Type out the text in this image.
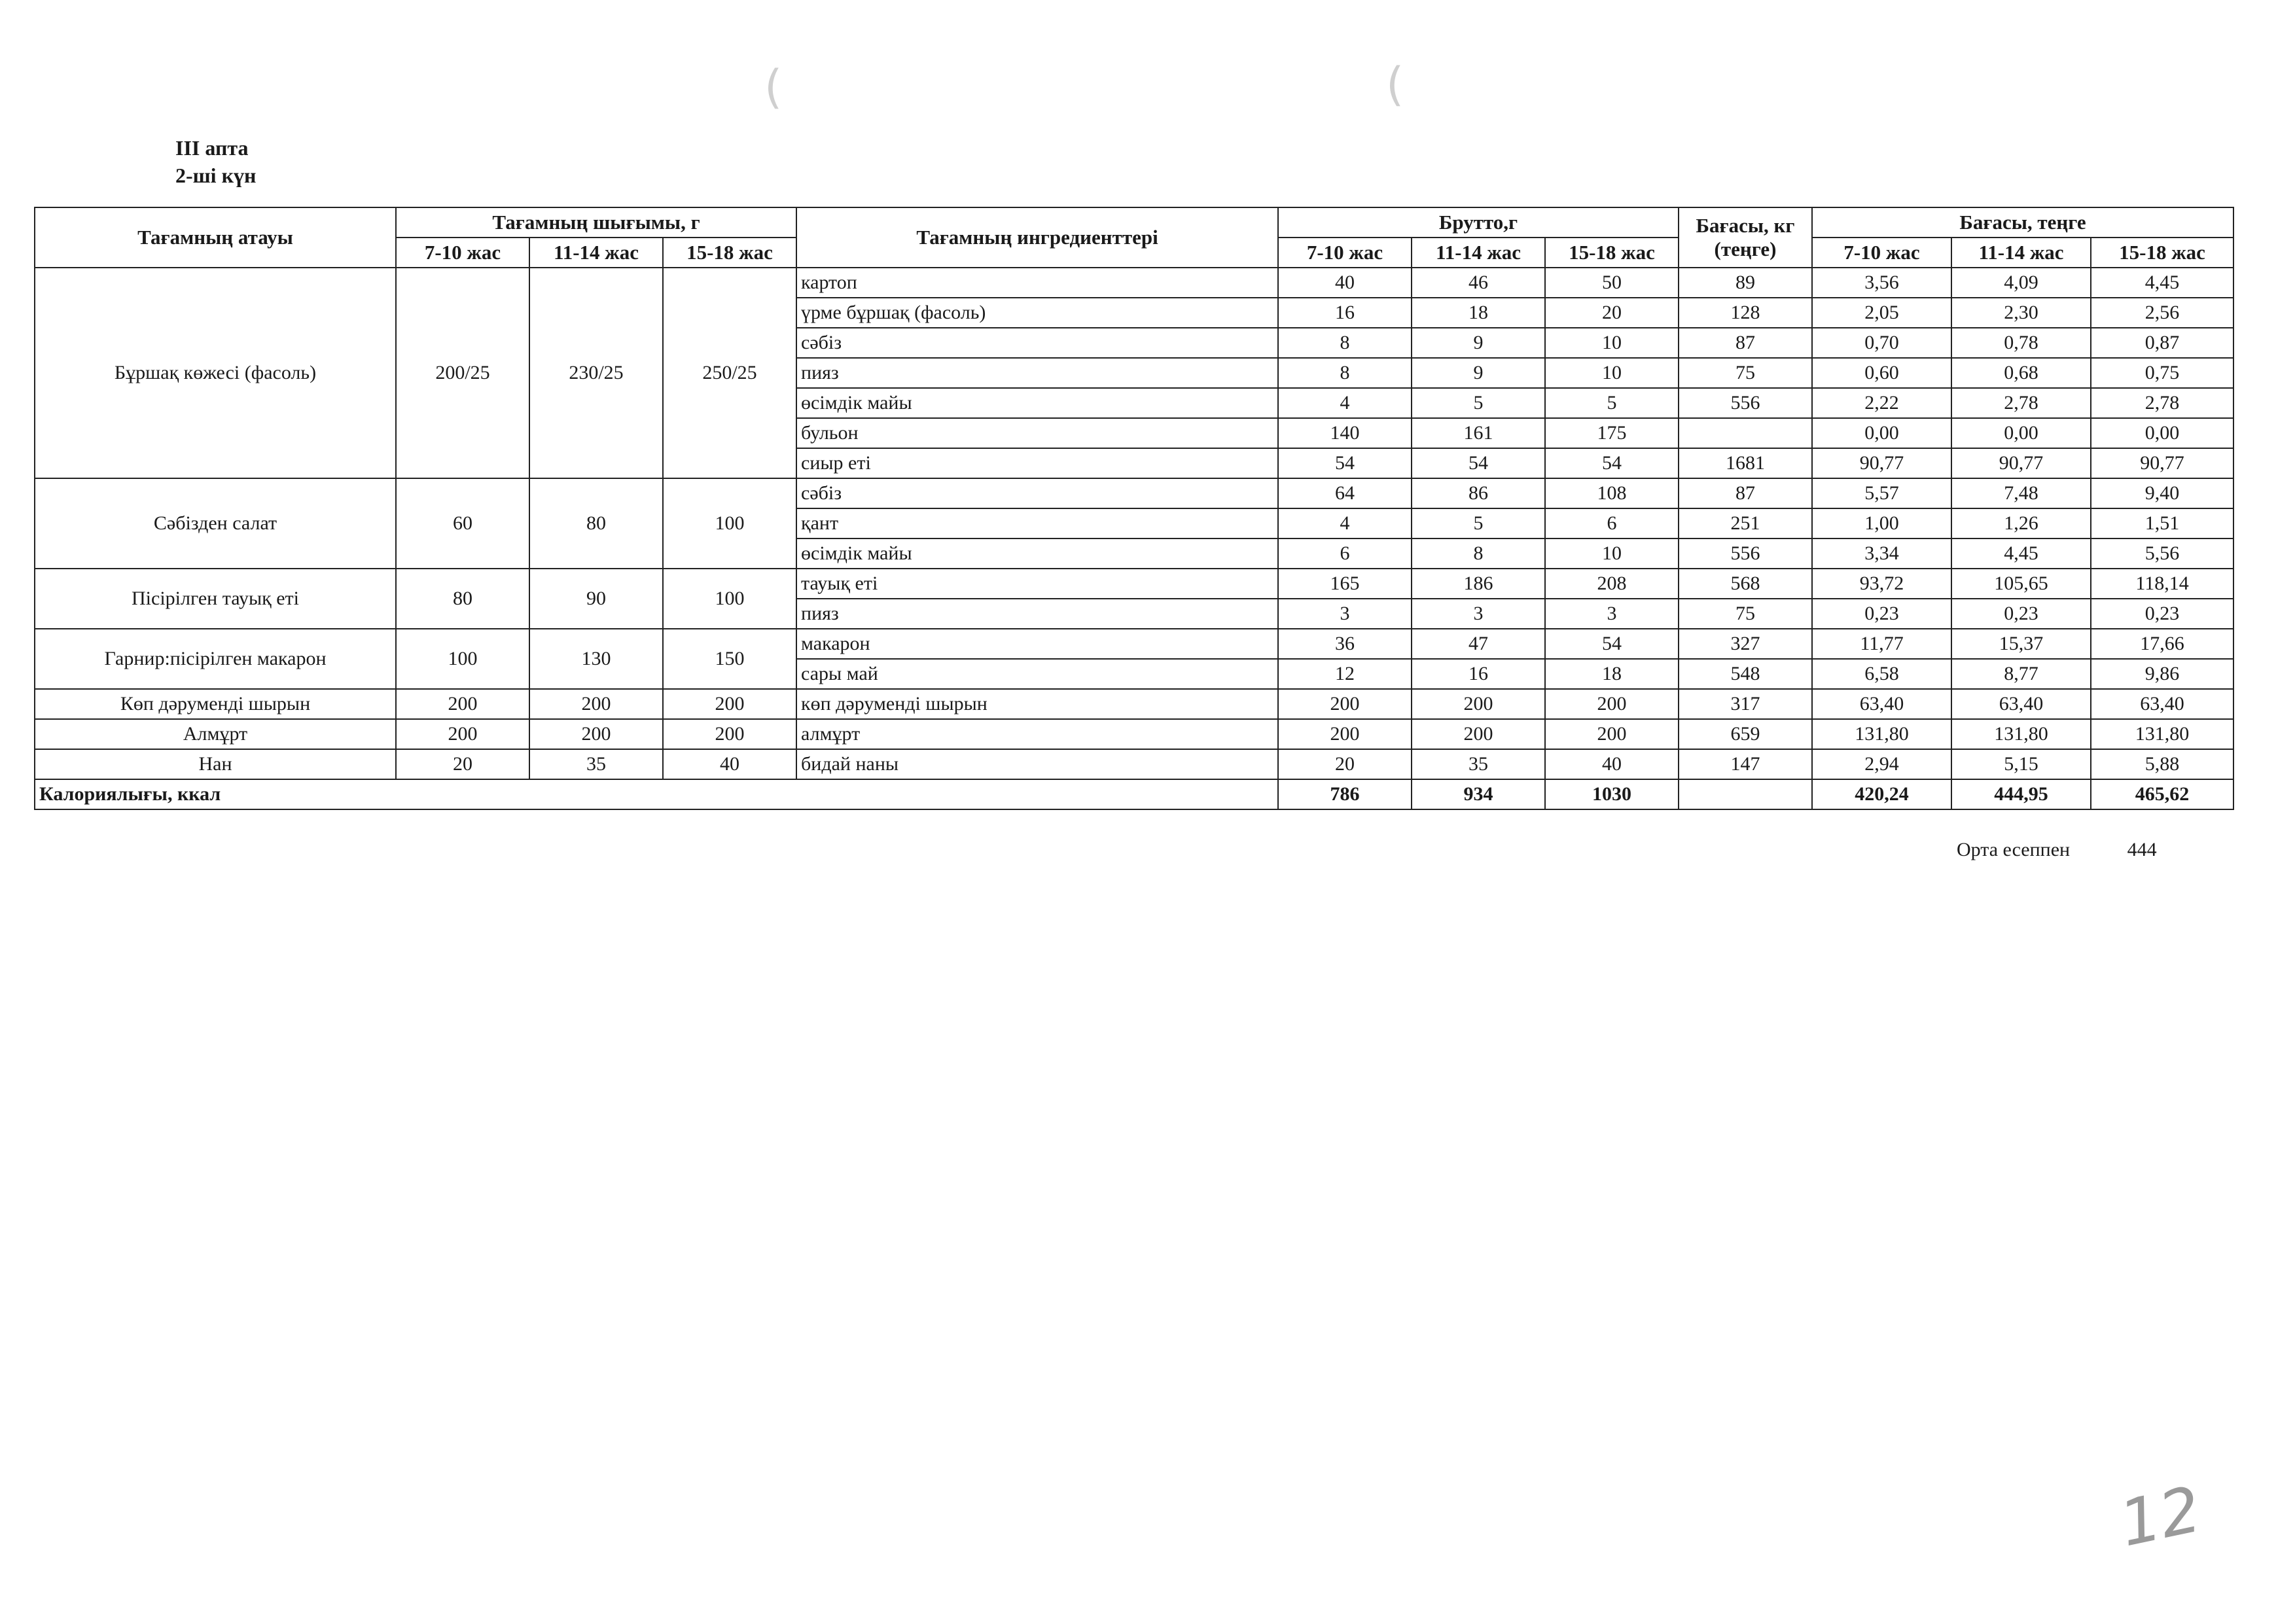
ІІІ апта
2-ші күн
(	(
Тағамның атауы	Тағамның шығымы, г			Тағамның ингредиенттері	Брутто,г			Бағасы, кг
(теңге)	Бағасы, теңге		
	7-10 жас	11-14 жас	15-18 жас		7-10 жас	11-14 жас	15-18 жас		7-10 жас	11-14 жас	15-18 жас
Бұршақ көжесі (фасоль)	200/25	230/25	250/25	картоп	40	46	50	89	3,56	4,09	4,45
				үрме бұршақ (фасоль)	16	18	20	128	2,05	2,30	2,56
				сәбіз	8	9	10	87	0,70	0,78	0,87
				пияз	8	9	10	75	0,60	0,68	0,75
				өсімдік майы	4	5	5	556	2,22	2,78	2,78
				бульон	140	161	175		0,00	0,00	0,00
				сиыр еті	54	54	54	1681	90,77	90,77	90,77
Сәбізден салат	60	80	100	сәбіз	64	86	108	87	5,57	7,48	9,40
				қант	4	5	6	251	1,00	1,26	1,51
				өсімдік майы	6	8	10	556	3,34	4,45	5,56
Пісірілген тауық еті	80	90	100	тауық еті	165	186	208	568	93,72	105,65	118,14
				пияз	3	3	3	75	0,23	0,23	0,23
Гарнир:пісірілген макарон	100	130	150	макарон	36	47	54	327	11,77	15,37	17,66
				сары май	12	16	18	548	6,58	8,77	9,86
Көп дәруменді шырын	200	200	200	көп дәруменді шырын	200	200	200	317	63,40	63,40	63,40
Алмұрт	200	200	200	алмұрт	200	200	200	659	131,80	131,80	131,80
Нан	20	35	40	бидай наны	20	35	40	147	2,94	5,15	5,88
Калориялығы, ккал					786	934	1030		420,24	444,95	465,62
Орта есеппен	444
12
